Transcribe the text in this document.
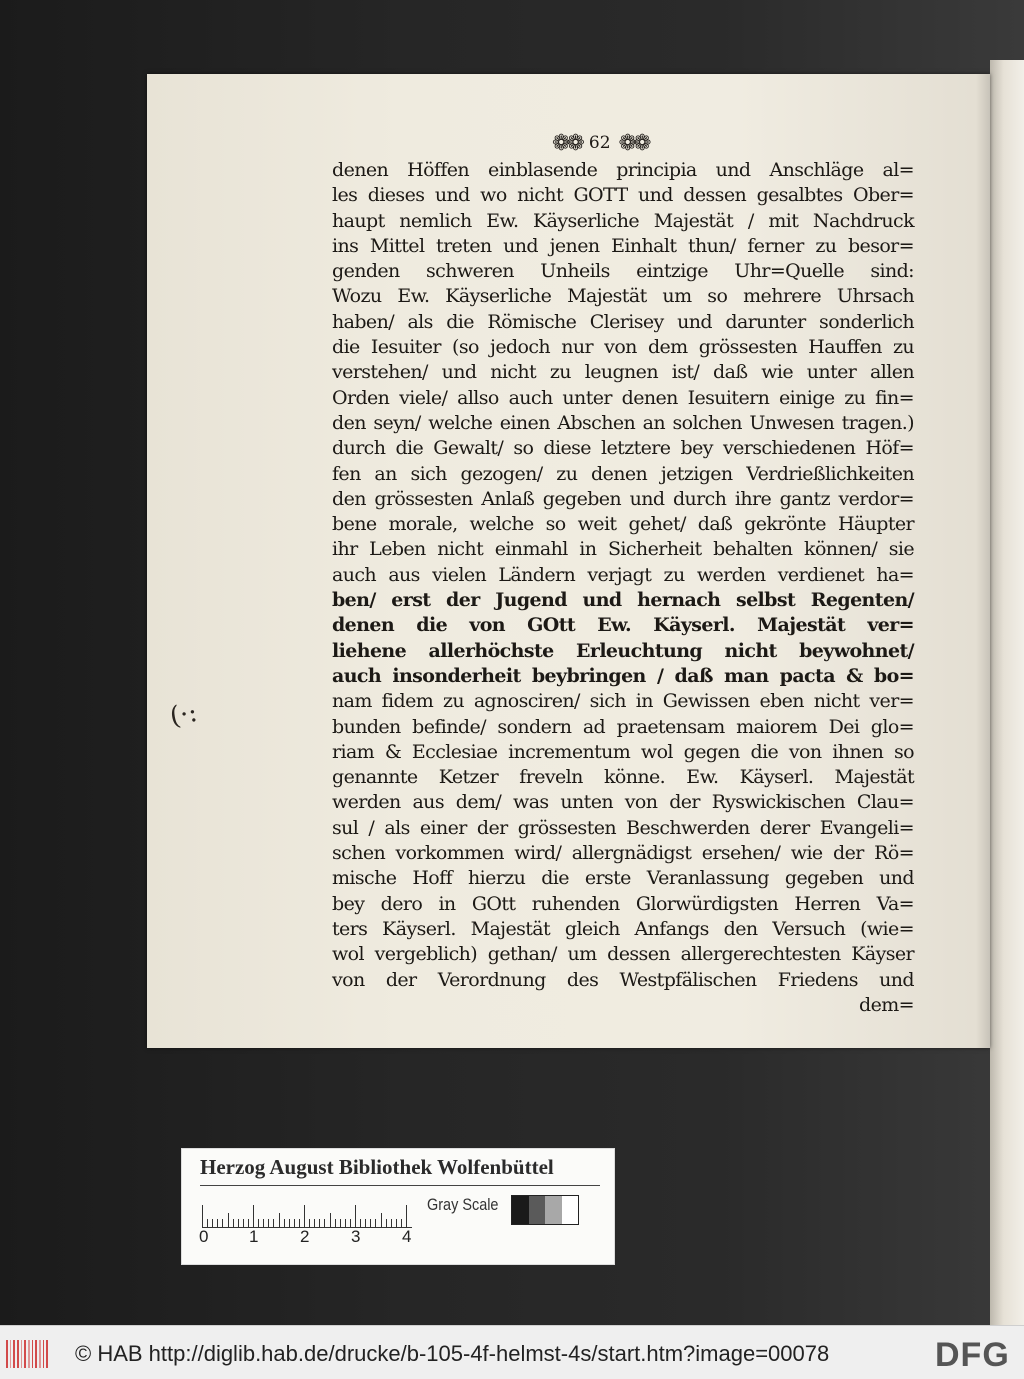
❁❁ 62 ❁❁
denen Höffen einblasende principia und Anschläge al=
les dieses und wo nicht GOTT und dessen gesalbtes Ober=
haupt nemlich Ew. Käyserliche Majestät / mit Nachdruck
ins Mittel treten und jenen Einhalt thun/ ferner zu besor=
genden schweren Unheils eintzige Uhr=Quelle sind:
Wozu Ew. Käyserliche Majestät um so mehrere Uhrsach
haben/ als die Römische Clerisey und darunter sonderlich
die Iesuiter (so jedoch nur von dem grössesten Hauffen zu
verstehen/ und nicht zu leugnen ist/ daß wie unter allen
Orden viele/ allso auch unter denen Iesuitern einige zu fin=
den seyn/ welche einen Abschen an solchen Unwesen tragen.)
durch die Gewalt/ so diese letztere bey verschiedenen Höf=
fen an sich gezogen/ zu denen jetzigen Verdrießlichkeiten
den grössesten Anlaß gegeben und durch ihre gantz verdor=
bene morale, welche so weit gehet/ daß gekrönte Häupter
ihr Leben nicht einmahl in Sicherheit behalten können/ sie
auch aus vielen Ländern verjagt zu werden verdienet ha=
ben/ erst der Jugend und hernach selbst Regenten/
denen die von GOtt Ew. Käyserl. Majestät ver=
liehene allerhöchste Erleuchtung nicht beywohnet/
auch insonderheit beybringen / daß man pacta & bo=
nam fidem zu agnosciren/ sich in Gewissen eben nicht ver=
bunden befinde/ sondern ad praetensam maiorem Dei glo=
riam & Ecclesiae incrementum wol gegen die von ihnen so
genannte Ketzer freveln könne. Ew. Käyserl. Majestät
werden aus dem/ was unten von der Ryswickischen Clau=
sul / als einer der grössesten Beschwerden derer Evangeli=
schen vorkommen wird/ allergnädigst ersehen/ wie der Rö=
mische Hoff hierzu die erste Veranlassung gegeben und
bey dero in GOtt ruhenden Glorwürdigsten Herren Va=
ters Käyserl. Majestät gleich Anfangs den Versuch (wie=
wol vergeblich) gethan/ um dessen allergerechtesten Käyser
von der Verordnung des Westpfälischen Friedens und
dem=
(·:
Herzog August Bibliothek Wolfenbüttel
0 1 2 3 4
Gray Scale
© HAB http://diglib.hab.de/drucke/b-105-4f-helmst-4s/start.htm?image=00078	DFG
